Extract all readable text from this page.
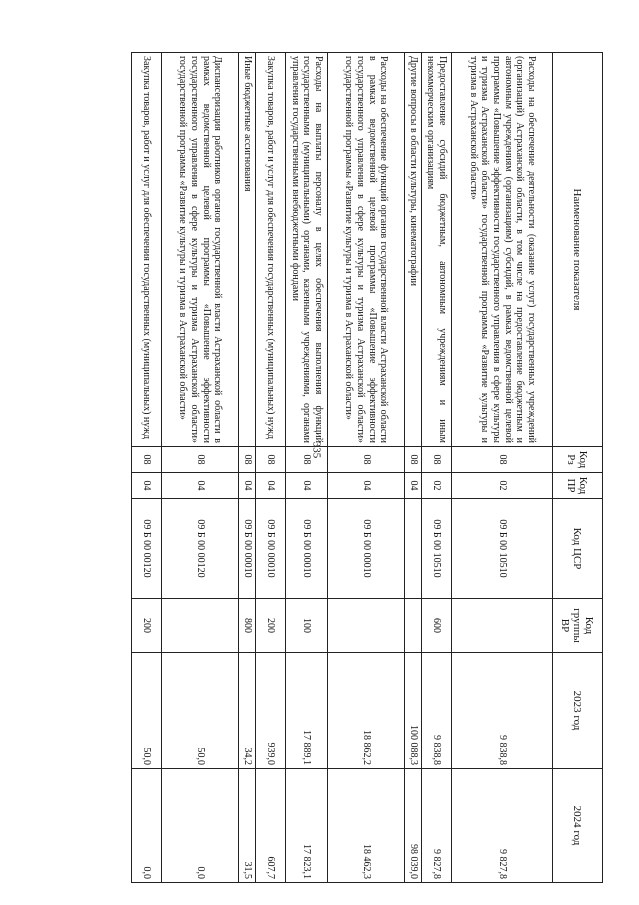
335
Наименование показателя	Код Рз	Код ПР	Код ЦСР	Код группы ВР	2023 год	2024 год
Расходы на обеспечение деятельности (оказание услуг) государственных учреждений (организаций) Астраханской области, в том числе на предоставление бюджетным и автономным учреждениям (организациям) субсидий, в рамках ведомственной целевой программы «Повышение эффективности государственного управления в сфере культуры и туризма Астраханской области» государственной программы «Развитие культуры и туризма в Астраханской области»	08	02	09 Б 00 10510		9 838,8	9 827,8
Предоставление субсидий бюджетным, автономным учреждениям и иным некоммерческим организациям	08	02	09 Б 00 10510	600	9 838,8	9 827,8
Другие вопросы в области культуры, кинематографии	08	04			100 088,3	98 039,0
Расходы на обеспечение функций органов государственной власти Астраханской области в рамках ведомственной целевой программы «Повышение эффективности государственного управления в сфере культуры и туризма Астраханской области» государственной программы «Развитие культуры и туризма в Астраханской области»	08	04	09 Б 00 00010		18 862,2	18 462,3
Расходы на выплаты персоналу в целях обеспечения выполнения функций государственными (муниципальными) органами, казенными учреждениями, органами управления государственными внебюджетными фондами	08	04	09 Б 00 00010	100	17 889,1	17 823,1
Закупка товаров, работ и услуг для обеспечения государственных (муниципальных) нужд	08	04	09 Б 00 00010	200	939,0	607,7
Иные бюджетные ассигнования	08	04	09 Б 00 00010	800	34,2	31,5
Диспансеризация работников органов государственной власти Астраханской области в рамках ведомственной целевой программы «Повышение эффективности государственного управления в сфере культуры и туризма Астраханской области» государственной программы «Развитие культуры и туризма в Астраханской области»	08	04	09 Б 00 00120		50,0	0,0
Закупка товаров, работ и услуг для обеспечения государственных (муниципальных) нужд	08	04	09 Б 00 00120	200	50,0	0,0
